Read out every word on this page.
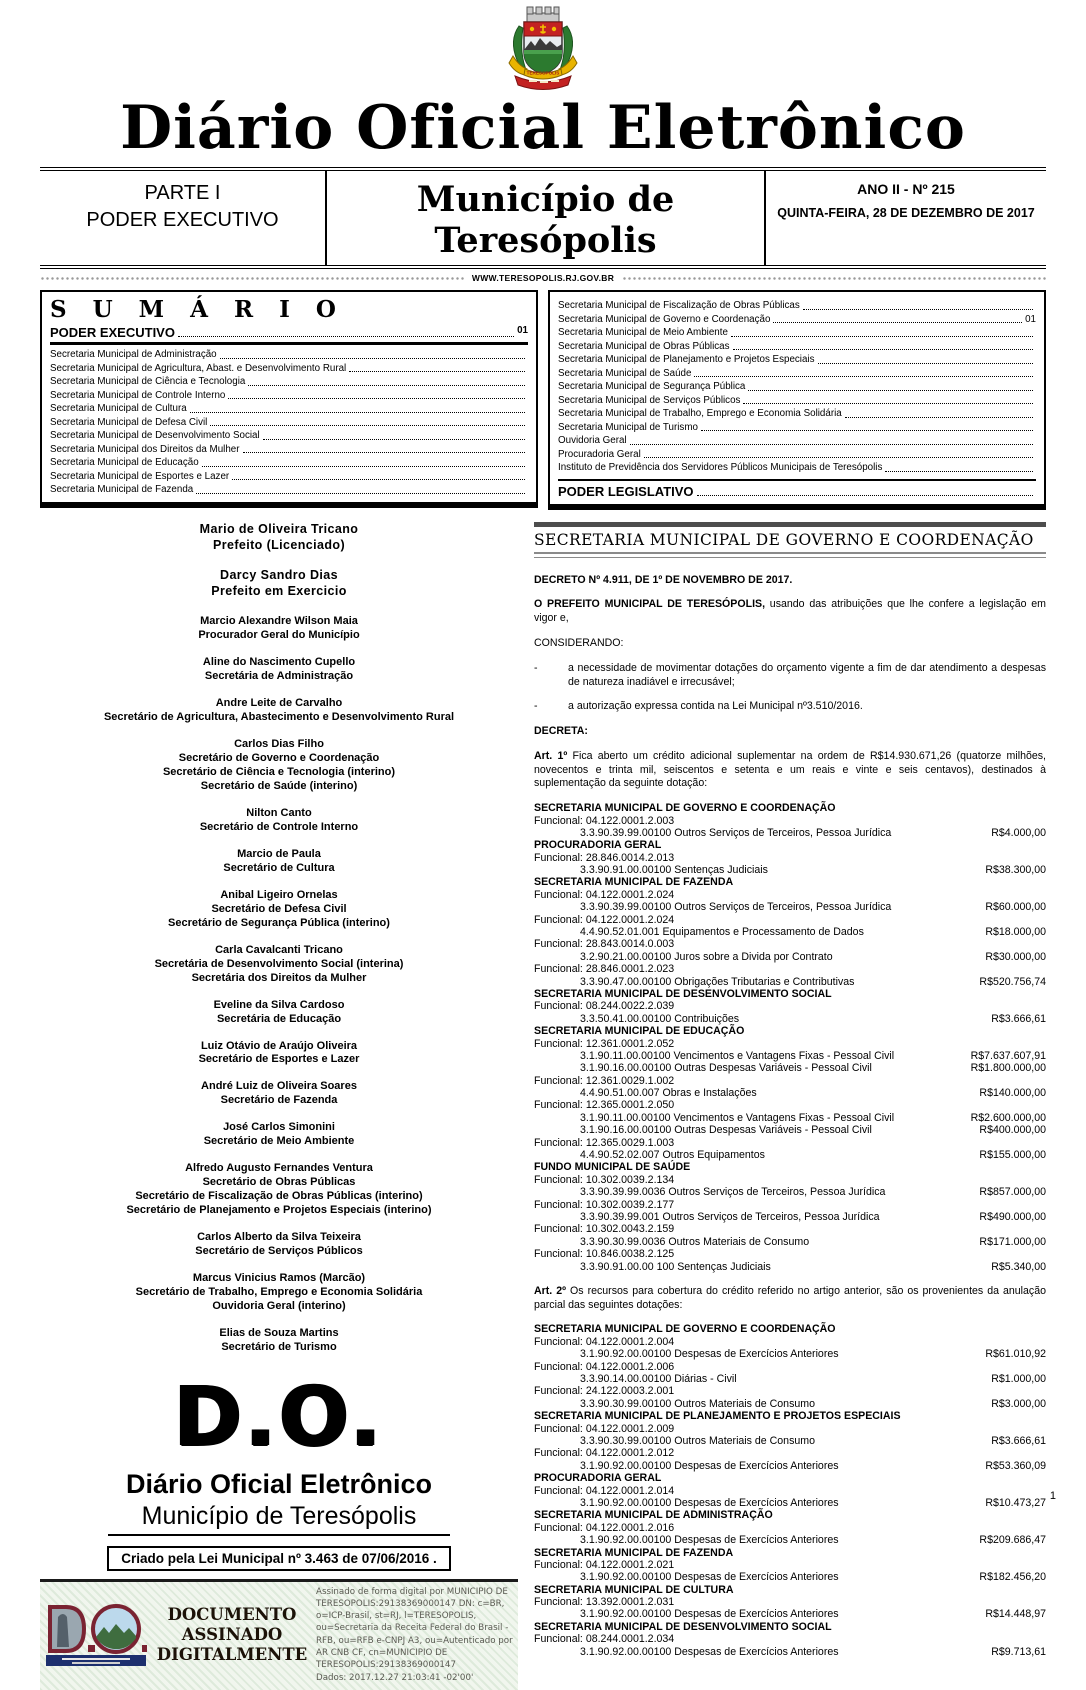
TERESOPOLIS
Diário Oficial Eletrônico
PARTE I
PODER EXECUTIVO	Município de Teresópolis
ANO II - Nº 215
QUINTA-FEIRA, 28 DE DEZEMBRO DE 2017
WWW.TERESOPOLIS.RJ.GOV.BR
S U M Á R I O
PODER EXECUTIVO	01
Secretaria Municipal de Administração
Secretaria Municipal de Agricultura, Abast. e Desenvolvimento Rural
Secretaria Municipal de Ciência e Tecnologia
Secretaria Municipal de Controle Interno
Secretaria Municipal de Cultura
Secretaria Municipal de Defesa Civil
Secretaria Municipal de Desenvolvimento Social
Secretaria Municipal dos Direitos da Mulher
Secretaria Municipal de Educação
Secretaria Municipal de Esportes e Lazer
Secretaria Municipal de Fazenda
Secretaria Municipal de Fiscalização de Obras Públicas
Secretaria Municipal de Governo e Coordenação	01
Secretaria Municipal de Meio Ambiente
Secretaria Municipal de Obras Públicas
Secretaria Municipal de Planejamento e Projetos Especiais
Secretaria Municipal de Saúde
Secretaria Municipal de Segurança Pública
Secretaria Municipal de Serviços Públicos
Secretaria Municipal de Trabalho, Emprego e Economia Solidária
Secretaria Municipal de Turismo
Ouvidoria Geral
Procuradoria Geral
Instituto de Previdência dos Servidores Públicos Municipais de Teresópolis
PODER LEGISLATIVO
Mario de Oliveira Tricano
Prefeito (Licenciado)
Darcy Sandro Dias
Prefeito em Exercicio
Marcio Alexandre Wilson Maia
Procurador Geral do Município
Aline do Nascimento Cupello
Secretária de Administração
Andre Leite de Carvalho
Secretário de Agricultura, Abastecimento e Desenvolvimento Rural
Carlos Dias Filho
Secretário de Governo e Coordenação
Secretário de Ciência e Tecnologia (interino)
Secretário de Saúde (interino)
Nilton Canto
Secretário de Controle Interno
Marcio de Paula
Secretário de Cultura
Anibal Ligeiro Ornelas
Secretário de Defesa Civil
Secretário de Segurança Pública (interino)
Carla Cavalcanti Tricano
Secretária de Desenvolvimento Social (interina)
Secretária dos Direitos da Mulher
Eveline da Silva Cardoso
Secretária de Educação
Luiz Otávio de Araújo Oliveira
Secretário de Esportes e Lazer
André Luiz de Oliveira Soares
Secretário de Fazenda
José Carlos Simonini
Secretário de Meio Ambiente
Alfredo Augusto Fernandes Ventura
Secretário de Obras Públicas
Secretário de Fiscalização de Obras Públicas (interino)
Secretário de Planejamento e Projetos Especiais (interino)
Carlos Alberto da Silva Teixeira
Secretário de Serviços Públicos
Marcus Vinicius Ramos (Marcão)
Secretário de Trabalho, Emprego e Economia Solidária
Ouvidoria Geral (interino)
Elias de Souza Martins
Secretário de Turismo
D.O.
Diário Oficial Eletrônico
Município de Teresópolis
Criado pela Lei Municipal nº 3.463 de 07/06/2016 .
DOCUMENTO
ASSINADO
DIGITALMENTE
Assinado de forma digital por MUNICIPIO DE TERESOPOLIS:29138369000147 DN: c=BR, o=ICP-Brasil, st=RJ, l=TERESOPOLIS, ou=Secretaria da Receita Federal do Brasil - RFB, ou=RFB e-CNPJ A3, ou=Autenticado por AR CNB CF, cn=MUNICIPIO DE TERESOPOLIS:29138369000147
Dados: 2017.12.27 21:03:41 -02'00'
SECRETARIA MUNICIPAL DE GOVERNO E COORDENAÇÃO

DECRETO Nº 4.911, DE 1º DE NOVEMBRO DE 2017.

O PREFEITO MUNICIPAL DE TERESÓPOLIS, usando das atribuições que lhe confere a legislação em vigor e,

CONSIDERANDO:

-	a necessidade de movimentar dotações do orçamento vigente a fim de dar atendimento a despesas de natureza inadiável e irrecusável;
-	a autorização expressa contida na Lei Municipal nº3.510/2016.

DECRETA:

Art. 1º Fica aberto um crédito adicional suplementar na ordem de R$14.930.671,26 (quatorze milhões, novecentos e trinta mil, seiscentos e setenta e um reais e vinte e seis centavos), destinados à suplementação da seguinte dotação:

SECRETARIA MUNICIPAL DE GOVERNO E COORDENAÇÃO
Funcional: 04.122.0001.2.003
3.3.90.39.99.00100 Outros Serviços de Terceiros, Pessoa Jurídica	R$4.000,00
PROCURADORIA GERAL
Funcional: 28.846.0014.2.013
3.3.90.91.00.00100 Sentenças Judiciais	R$38.300,00
SECRETARIA MUNICIPAL DE FAZENDA
Funcional: 04.122.0001.2.024
3.3.90.39.99.00100 Outros Serviços de Terceiros, Pessoa Jurídica	R$60.000,00
Funcional: 04.122.0001.2.024
4.4.90.52.01.001 Equipamentos e Processamento de Dados	R$18.000,00
Funcional: 28.843.0014.0.003
3.2.90.21.00.00100 Juros sobre a Divida por Contrato	R$30.000,00
Funcional: 28.846.0001.2.023
3.3.90.47.00.00100 Obrigações Tributarias e Contributivas	R$520.756,74
SECRETARIA MUNICIPAL DE DESENVOLVIMENTO SOCIAL
Funcional: 08.244.0022.2.039
3.3.50.41.00.00100 Contribuições	R$3.666,61
SECRETARIA MUNICIPAL DE EDUCAÇÃO
Funcional: 12.361.0001.2.052
3.1.90.11.00.00100 Vencimentos e Vantagens Fixas - Pessoal Civil	R$7.637.607,91
3.1.90.16.00.00100 Outras Despesas Variáveis - Pessoal Civil	R$1.800.000,00
Funcional: 12.361.0029.1.002
4.4.90.51.00.007 Obras e Instalações	R$140.000,00
Funcional: 12.365.0001.2.050
3.1.90.11.00.00100 Vencimentos e Vantagens Fixas - Pessoal Civil	R$2.600.000,00
3.1.90.16.00.00100 Outras Despesas Variáveis - Pessoal Civil	R$400.000,00
Funcional: 12.365.0029.1.003
4.4.90.52.02.007 Outros Equipamentos	R$155.000,00
FUNDO MUNICIPAL DE SAÚDE
Funcional: 10.302.0039.2.134
3.3.90.39.99.0036 Outros Serviços de Terceiros, Pessoa Jurídica	R$857.000,00
Funcional: 10.302.0039.2.177
3.3.90.39.99.001 Outros Serviços de Terceiros, Pessoa Jurídica	R$490.000,00
Funcional: 10.302.0043.2.159
3.3.90.30.99.0036 Outros Materiais de Consumo	R$171.000,00
Funcional: 10.846.0038.2.125
3.3.90.91.00.00 100 Sentenças Judiciais	R$5.340,00

Art. 2º Os recursos para cobertura do crédito referido no artigo anterior, são os provenientes da anulação parcial das seguintes dotações:

SECRETARIA MUNICIPAL DE GOVERNO E COORDENAÇÃO
Funcional: 04.122.0001.2.004
3.1.90.92.00.00100 Despesas de Exercícios Anteriores	R$61.010,92
Funcional: 04.122.0001.2.006
3.3.90.14.00.00100 Diárias - Civil	R$1.000,00
Funcional: 24.122.0003.2.001
3.3.90.30.99.00100 Outros Materiais de Consumo	R$3.000,00
SECRETARIA MUNICIPAL DE PLANEJAMENTO E PROJETOS ESPECIAIS
Funcional: 04.122.0001.2.009
3.3.90.30.99.00100 Outros Materiais de Consumo	R$3.666,61
Funcional: 04.122.0001.2.012
3.1.90.92.00.00100 Despesas de Exercícios Anteriores	R$53.360,09
PROCURADORIA GERAL
Funcional: 04.122.0001.2.014
3.1.90.92.00.00100 Despesas de Exercícios Anteriores	R$10.473,27
SECRETARIA MUNICIPAL DE ADMINISTRAÇÃO
Funcional: 04.122.0001.2.016
3.1.90.92.00.00100 Despesas de Exercícios Anteriores	R$209.686,47
SECRETARIA MUNICIPAL DE FAZENDA
Funcional: 04.122.0001.2.021
3.1.90.92.00.00100 Despesas de Exercícios Anteriores	R$182.456,20
SECRETARIA MUNICIPAL DE CULTURA
Funcional: 13.392.0001.2.031
3.1.90.92.00.00100 Despesas de Exercícios Anteriores	R$14.448,97
SECRETARIA MUNICIPAL DE DESENVOLVIMENTO SOCIAL
Funcional: 08.244.0001.2.034
3.1.90.92.00.00100 Despesas de Exercícios Anteriores	R$9.713,61
1
